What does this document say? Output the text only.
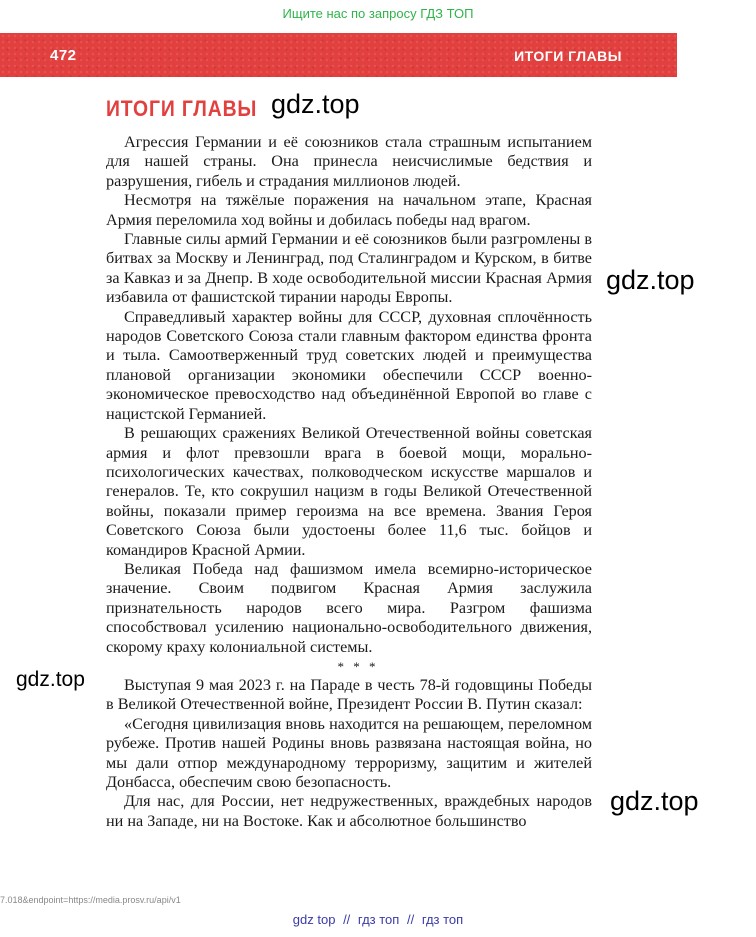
Ищите нас по запросу ГДЗ ТОП
472	ИТОГИ ГЛАВЫ
ИТОГИ ГЛАВЫ gdz.top
gdz.top
gdz.top
gdz.top

Агрессия Германии и её союзников стала страшным испытанием для нашей страны. Она принесла неисчислимые бедствия и разрушения, гибель и страдания миллионов людей.

Несмотря на тяжёлые поражения на начальном этапе, Красная Армия переломила ход войны и добилась победы над врагом.

Главные силы армий Германии и её союзников были разгромлены в битвах за Москву и Ленинград, под Сталинградом и Курском, в битве за Кавказ и за Днепр. В ходе освободительной миссии Красная Армия избавила от фашистской тирании народы Европы.

Справедливый характер войны для СССР, духовная сплочённость народов Советского Союза стали главным фактором единства фронта и тыла. Самоотверженный труд советских людей и преимущества плановой организации экономики обеспечили СССР военно-экономическое превосходство над объединённой Европой во главе с нацистской Германией.

В решающих сражениях Великой Отечественной войны советская армия и флот превзошли врага в боевой мощи, морально-психологических качествах, полководческом искусстве маршалов и генералов. Те, кто сокрушил нацизм в годы Великой Отечественной войны, показали пример героизма на все времена. Звания Героя Советского Союза были удостоены более 11,6 тыс. бойцов и командиров Красной Армии.

Великая Победа над фашизмом имела всемирно-историческое значение. Своим подвигом Красная Армия заслужила признательность народов всего мира. Разгром фашизма способствовал усилению национально-освободительного движения, скорому краху колониальной системы.

* * *

Выступая 9 мая 2023 г. на Параде в честь 78-й годовщины Победы в Великой Отечественной войне, Президент России В. Путин сказал:

«Сегодня цивилизация вновь находится на решающем, переломном рубеже. Против нашей Родины вновь развязана настоящая война, но мы дали отпор международному терроризму, защитим и жителей Донбасса, обеспечим свою безопасность.

Для нас, для России, нет недружественных, враждебных народов ни на Западе, ни на Востоке. Как и абсолютное большинство

7.018&endpoint=https://media.prosv.ru/api/v1
gdz top // гдз топ // гдз топ
